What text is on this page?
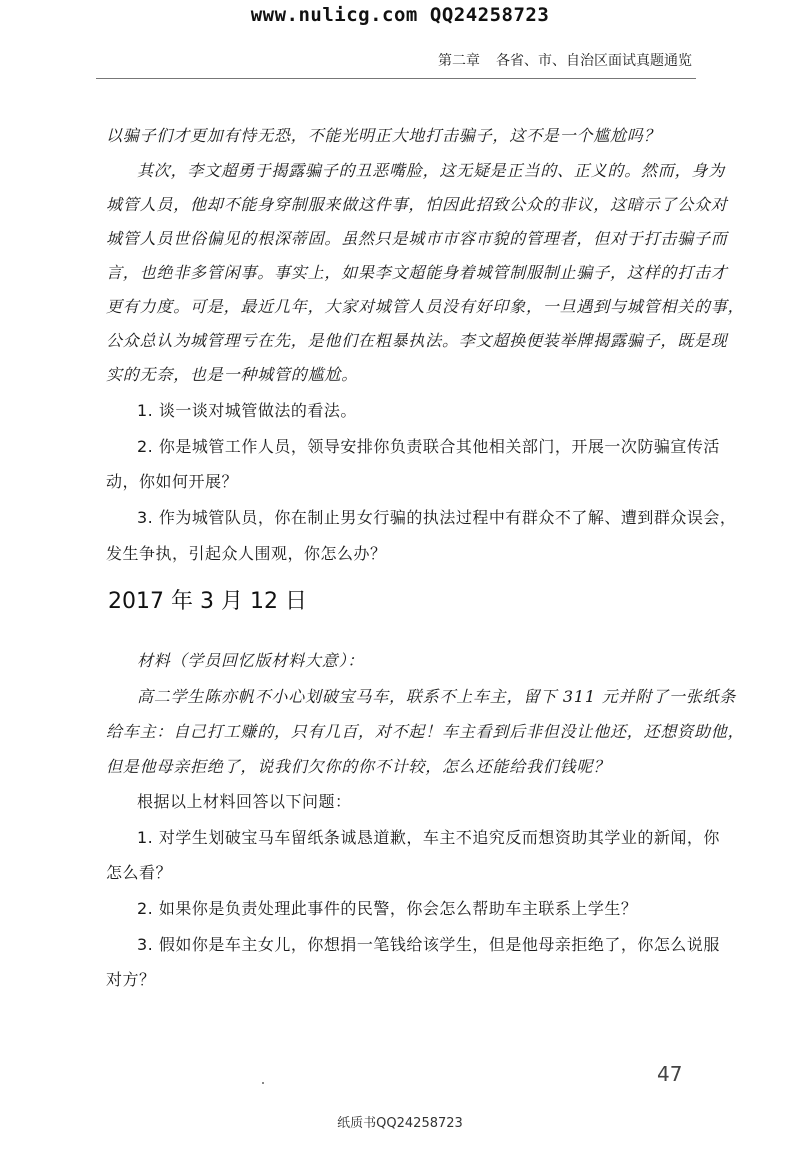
www.nulicg.com QQ24258723
第二章 各省、市、自治区面试真题通览
以骗子们才更加有恃无恐，不能光明正大地打击骗子，这不是一个尴尬吗？
其次，李文超勇于揭露骗子的丑恶嘴脸，这无疑是正当的、正义的。然而，身为
城管人员，他却不能身穿制服来做这件事，怕因此招致公众的非议，这暗示了公众对
城管人员世俗偏见的根深蒂固。虽然只是城市市容市貌的管理者，但对于打击骗子而
言，也绝非多管闲事。事实上，如果李文超能身着城管制服制止骗子，这样的打击才
更有力度。可是，最近几年，大家对城管人员没有好印象，一旦遇到与城管相关的事，
公众总认为城管理亏在先，是他们在粗暴执法。李文超换便装举牌揭露骗子，既是现
实的无奈，也是一种城管的尴尬。
1. 谈一谈对城管做法的看法。
2. 你是城管工作人员，领导安排你负责联合其他相关部门，开展一次防骗宣传活
动，你如何开展？
3. 作为城管队员，你在制止男女行骗的执法过程中有群众不了解、遭到群众误会，
发生争执，引起众人围观，你怎么办？
2017 年 3 月 12 日
材料（学员回忆版材料大意）：
高二学生陈亦帆不小心划破宝马车，联系不上车主，留下 311 元并附了一张纸条
给车主：自己打工赚的，只有几百，对不起！车主看到后非但没让他还，还想资助他，
但是他母亲拒绝了，说我们欠你的你不计较，怎么还能给我们钱呢？
根据以上材料回答以下问题：
1. 对学生划破宝马车留纸条诚恳道歉，车主不追究反而想资助其学业的新闻，你
怎么看？
2. 如果你是负责处理此事件的民警，你会怎么帮助车主联系上学生？
3. 假如你是车主女儿，你想捐一笔钱给该学生，但是他母亲拒绝了，你怎么说服
对方？
47
纸质书QQ24258723
